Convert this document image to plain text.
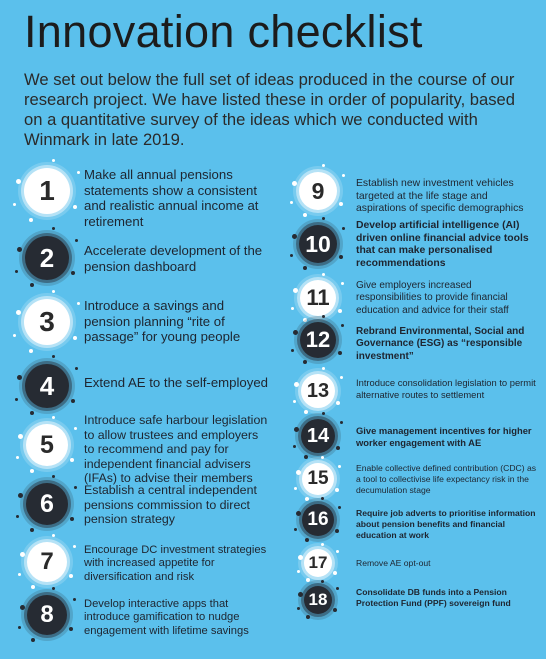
Innovation checklist
We set out below the full set of ideas produced in the course of our research project. We have listed these in order of popularity, based on a quantitative survey of the ideas which we conducted with Winmark in late 2019.
1
Make all annual pensions statements show a consistent and realistic annual income at retirement
2 Accelerate development of the pension dashboard
3
Introduce a savings and pension planning “rite of passage” for young people
4 Extend AE to the self-employed
5
Introduce safe harbour legislation to allow trustees and employers to recommend and pay for independent financial advisers (IFAs) to advise their members
6 Establish a central independent pensions commission to direct pension strategy
7	Encourage DC investment strategies with increased appetite for diversification and risk
8	Develop interactive apps that introduce gamification to nudge engagement with lifetime savings
9	Establish new investment vehicles targeted at the life stage and aspirations of specific demographics
10
Develop artificial intelligence (AI) driven online financial advice tools that can make personalised recommendations
11	Give employers increased responsibilities to provide financial education and advice for their staff
12	Rebrand Environmental, Social and Governance (ESG) as “responsible investment”
13	Introduce consolidation legislation to permit alternative routes to settlement
14	Give management incentives for higher worker engagement with AE
15	Enable collective defined contribution (CDC) as a tool to collectivise life expectancy risk in the decumulation stage
16	Require job adverts to prioritise information about pension benefits and financial education at work
17	Remove AE opt-out
18	Consolidate DB funds into a Pension Protection Fund (PPF) sovereign fund
